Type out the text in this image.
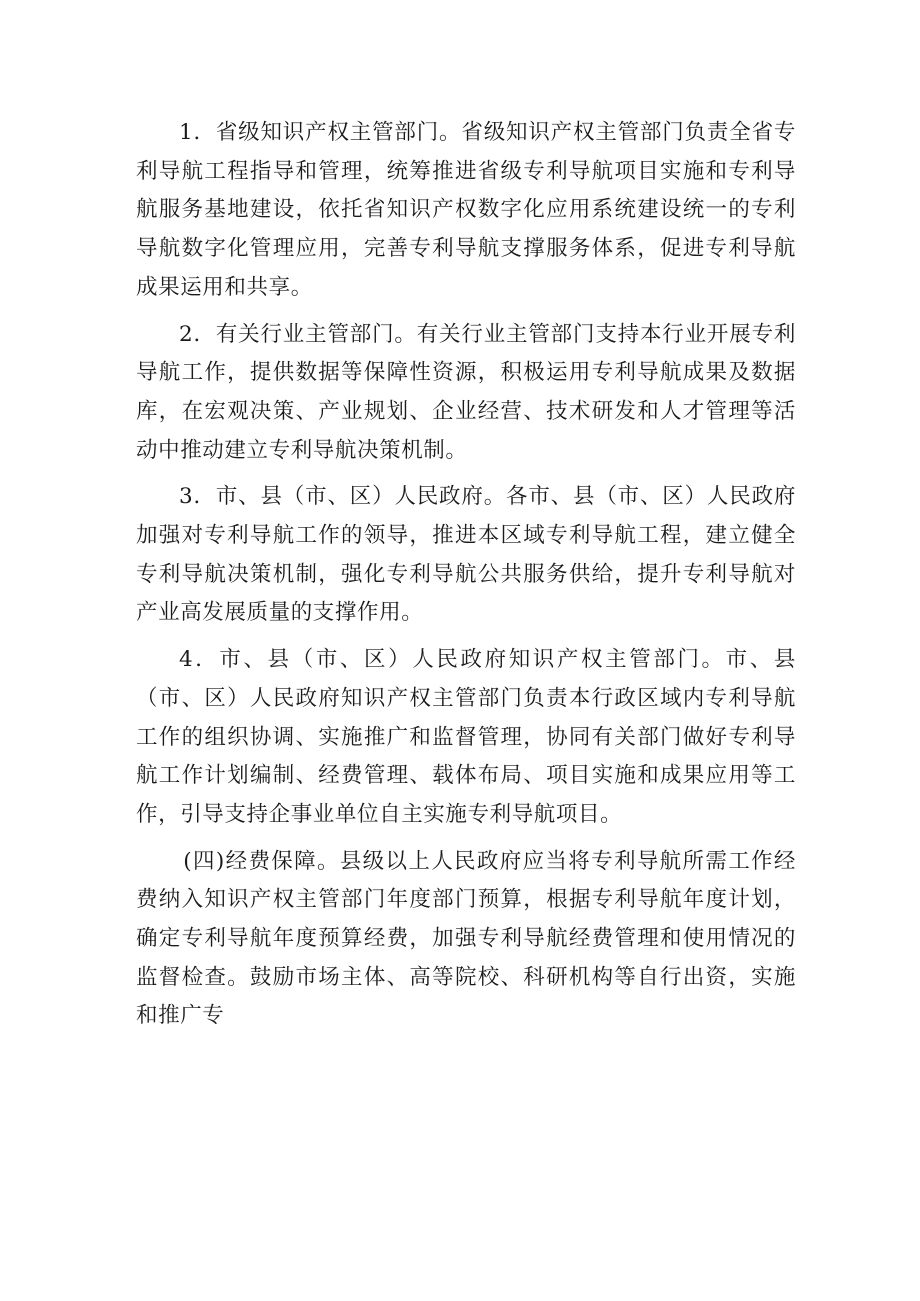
1．省级知识产权主管部门。省级知识产权主管部门负责全省专利导航工程指导和管理，统筹推进省级专利导航项目实施和专利导航服务基地建设，依托省知识产权数字化应用系统建设统一的专利导航数字化管理应用，完善专利导航支撑服务体系，促进专利导航成果运用和共享。

2．有关行业主管部门。有关行业主管部门支持本行业开展专利导航工作，提供数据等保障性资源，积极运用专利导航成果及数据库，在宏观决策、产业规划、企业经营、技术研发和人才管理等活动中推动建立专利导航决策机制。

3．市、县（市、区）人民政府。各市、县（市、区）人民政府加强对专利导航工作的领导，推进本区域专利导航工程，建立健全专利导航决策机制，强化专利导航公共服务供给，提升专利导航对产业高发展质量的支撑作用。

4．市、县（市、区）人民政府知识产权主管部门。市、县（市、区）人民政府知识产权主管部门负责本行政区域内专利导航工作的组织协调、实施推广和监督管理，协同有关部门做好专利导航工作计划编制、经费管理、载体布局、项目实施和成果应用等工作，引导支持企事业单位自主实施专利导航项目。

(四)经费保障。县级以上人民政府应当将专利导航所需工作经费纳入知识产权主管部门年度部门预算，根据专利导航年度计划，确定专利导航年度预算经费，加强专利导航经费管理和使用情况的监督检查。鼓励市场主体、高等院校、科研机构等自行出资，实施和推广专
